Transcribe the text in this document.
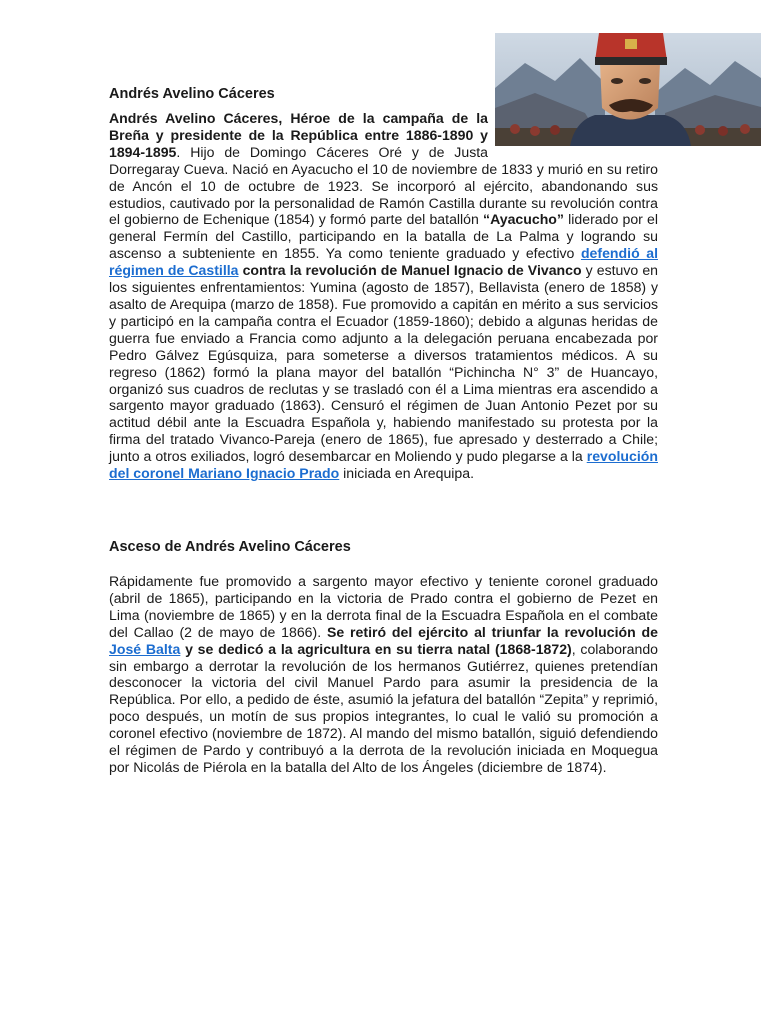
Andrés Avelino Cáceres

Andrés Avelino Cáceres, Héroe de la campaña de la Breña y presidente de la República entre 1886-1890 y 1894-1895. Hijo de Domingo Cáceres Oré y de Justa Dorregaray Cueva. Nació en Ayacucho el 10 de noviembre de 1833 y murió en su retiro de Ancón el 10 de octubre de 1923. Se incorporó al ejército, abandonando sus estudios, cautivado por la personalidad de Ramón Castilla durante su revolución contra el gobierno de Echenique (1854) y formó parte del batallón “Ayacucho” liderado por el general Fermín del Castillo, participando en la batalla de La Palma y logrando su ascenso a subteniente en 1855. Ya como teniente graduado y efectivo defendió al régimen de Castilla contra la revolución de Manuel Ignacio de Vivanco y estuvo en los siguientes enfrentamientos: Yumina (agosto de 1857), Bellavista (enero de 1858) y asalto de Arequipa (marzo de 1858). Fue promovido a capitán en mérito a sus servicios y participó en la campaña contra el Ecuador (1859-1860); debido a algunas heridas de guerra fue enviado a Francia como adjunto a la delegación peruana encabezada por Pedro Gálvez Egúsquiza, para someterse a diversos tratamientos médicos. A su regreso (1862) formó la plana mayor del batallón “Pichincha N° 3” de Huancayo, organizó sus cuadros de reclutas y se trasladó con él a Lima mientras era ascendido a sargento mayor graduado (1863). Censuró el régimen de Juan Antonio Pezet por su actitud débil ante la Escuadra Española y, habiendo manifestado su protesta por la firma del tratado Vivanco-Pareja (enero de 1865), fue apresado y desterrado a Chile; junto a otros exiliados, logró desembarcar en Moliendo y pudo plegarse a la revolución del coronel Mariano Ignacio Prado iniciada en Arequipa.
Rápidamente fue promovido a sargento mayor efectivo y teniente coronel graduado (abril de 1865), participando en la victoria de Prado contra el gobierno de Pezet en Lima (noviembre de 1865) y en la derrota final de la Escuadra Española en el combate del Callao (2 de mayo de 1866). Se retiró del ejército al triunfar la revolución de José Balta y se dedicó a la agricultura en su tierra natal (1868-1872), colaborando sin embargo a derrotar la revolución de los hermanos Gutiérrez, quienes pretendían desconocer la victoria del civil Manuel Pardo para asumir la presidencia de la República. Por ello, a pedido de éste, asumió la jefatura del batallón “Zepita” y reprimió, poco después, un motín de sus propios integrantes, lo cual le valió su promoción a coronel efectivo (noviembre de 1872). Al mando del mismo batallón, siguió defendiendo el régimen de Pardo y contribuyó a la derrota de la revolución iniciada en Moquegua por Nicolás de Piérola en la batalla del Alto de los Ángeles (diciembre de 1874).

Asceso de Andrés Avelino Cáceres
